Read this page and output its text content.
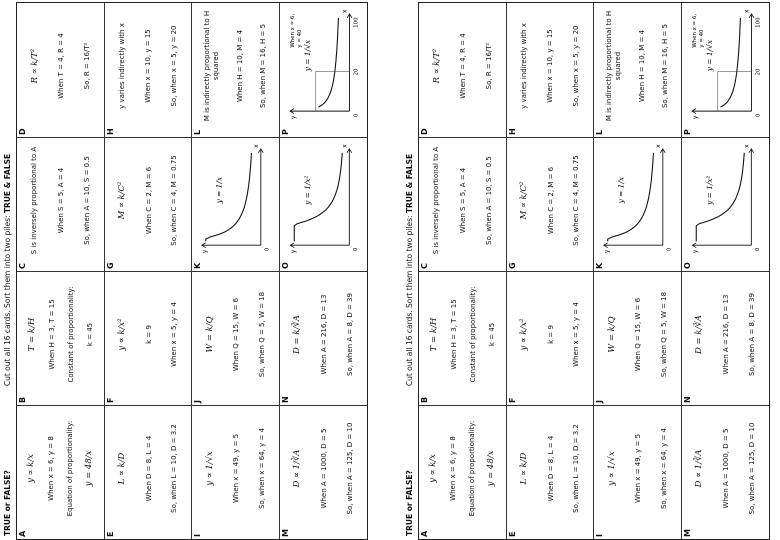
Cut out all 16 cards. Sort them into two piles: TRUE & FALSE
TRUE or FALSE? A
y ∝ k/x When x = 6, y = 8 Equation of proportionality: y = 48/x
B
T = k/H When H = 3, T = 15 Constant of proportionality: k = 45
C
S is inversely proportional to A	When S = 5, A = 4	So, when A = 10, S = 0.5
D
R ∝ k/T²	When T = 4, R = 4	So, R = 16/T²
E
L ∝ k/D	When D = 8, L = 4	So, when L = 10, D = 3.2
F
y ∝ k/x²	k = 9	When x = 5, y = 4
G
M ∝ k/C²	When C = 2, M = 6	So, when C = 4, M = 0.75
H
y varies indirectly with x	When x = 10, y = 15	So, when x = 5, y = 20
I
y ∝ 1/√x	When x = 49, y = 5	So, when x = 64, y = 4
J
W = k/Q	When Q = 15, W = 6	So, when Q = 5, W = 18
K
x
y
0
y = 1/x
L
M is indirectly proportional to H squared When H = 10, M = 4 So, when M = 16, H = 5
M
D ∝ 1/∛A	When A = 1000, D = 5	So, when A = 125, D = 10
N
D = k/∛A	When A = 216, D = 13	So, when A = 8, D = 39
O
x
y
0
y = 1/x²
P
x
y
0
y = 1/√x
20
100
When x = 6, y = 40
Cut out all 16 cards. Sort them into two piles: TRUE & FALSE
TRUE or FALSE? A
y ∝ k/x When x = 6, y = 8 Equation of proportionality: y = 48/x
B
T = k/H When H = 3, T = 15 Constant of proportionality: k = 45
C
S is inversely proportional to A	When S = 5, A = 4	So, when A = 10, S = 0.5
D
R ∝ k/T²	When T = 4, R = 4	So, R = 16/T²
E
L ∝ k/D	When D = 8, L = 4	So, when L = 10, D = 3.2
F
y ∝ k/x²	k = 9	When x = 5, y = 4
G
M ∝ k/C²	When C = 2, M = 6	So, when C = 4, M = 0.75
H
y varies indirectly with x	When x = 10, y = 15	So, when x = 5, y = 20
I
y ∝ 1/√x	When x = 49, y = 5	So, when x = 64, y = 4
J
W = k/Q	When Q = 15, W = 6	So, when Q = 5, W = 18
K
x
y
0
y = 1/x
L
M is indirectly proportional to H squared When H = 10, M = 4 So, when M = 16, H = 5
M
D ∝ 1/∛A	When A = 1000, D = 5	So, when A = 125, D = 10
N
D = k/∛A	When A = 216, D = 13	So, when A = 8, D = 39
O
x
y
0
y = 1/x²
P
x
y
0
y = 1/√x
20
100
When x = 6, y = 40
